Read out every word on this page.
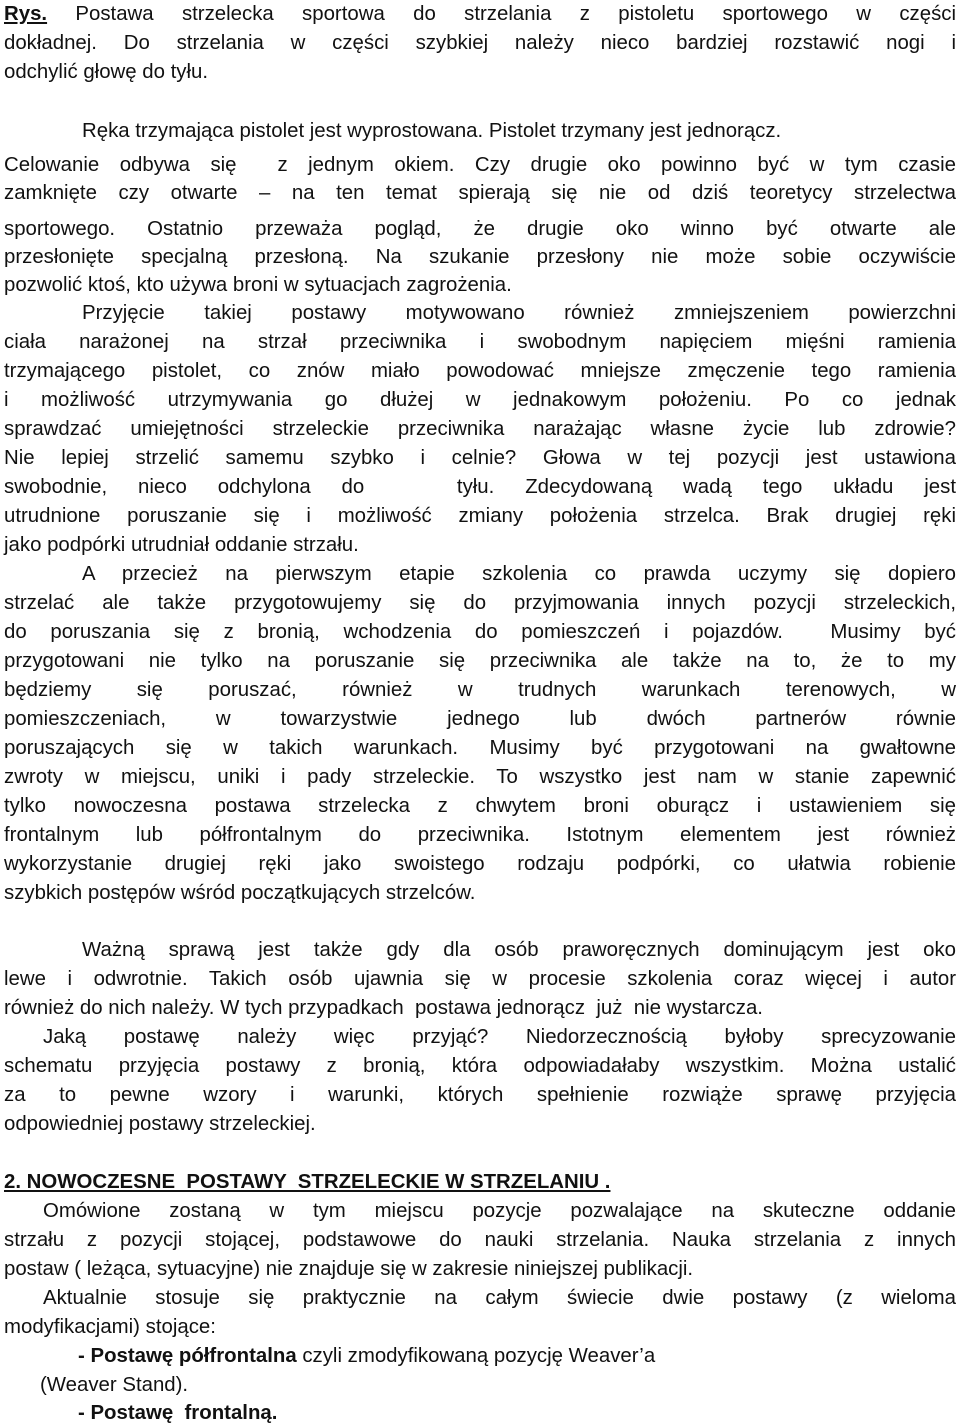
Rys. Postawa strzelecka sportowa do strzelania z pistoletu sportowego w części
dokładnej. Do strzelania w części szybkiej należy nieco bardziej rozstawić nogi i
odchylić głowę do tyłu.
Ręka trzymająca pistolet jest wyprostowana. Pistolet trzymany jest jednorącz.
Celowanie odbywa się  z jednym okiem. Czy drugie oko powinno być w tym czasie
zamknięte czy otwarte – na ten temat spierają się nie od dziś teoretycy strzelectwa
sportowego. Ostatnio przeważa pogląd, że drugie oko winno być otwarte ale
przesłonięte specjalną przesłoną. Na szukanie przesłony nie może sobie oczywiście
pozwolić ktoś, kto używa broni w sytuacjach zagrożenia.
Przyjęcie takiej postawy motywowano również zmniejszeniem powierzchni
ciała narażonej na strzał przeciwnika i swobodnym napięciem mięśni ramienia
trzymającego pistolet, co znów miało powodować mniejsze zmęczenie tego ramienia
i możliwość utrzymywania go dłużej w jednakowym położeniu. Po co jednak
sprawdzać umiejętności strzeleckie przeciwnika narażając własne życie lub zdrowie?
Nie lepiej strzelić samemu szybko i celnie? Głowa w tej pozycji jest ustawiona
swobodnie, nieco odchylona do   tyłu. Zdecydowaną wadą tego układu jest
utrudnione poruszanie się i możliwość zmiany położenia strzelca. Brak drugiej ręki
jako podpórki utrudniał oddanie strzału.
A przecież na pierwszym etapie szkolenia co prawda uczymy się dopiero
strzelać ale także przygotowujemy się do przyjmowania innych pozycji strzeleckich,
do poruszania się z bronią, wchodzenia do pomieszczeń i pojazdów.  Musimy być
przygotowani nie tylko na poruszanie się przeciwnika ale także na to, że to my
będziemy się poruszać, również w trudnych warunkach terenowych, w
pomieszczeniach, w towarzystwie jednego lub dwóch partnerów równie
poruszających się w takich warunkach. Musimy być przygotowani na gwałtowne
zwroty w miejscu, uniki i pady strzeleckie. To wszystko jest nam w stanie zapewnić
tylko nowoczesna postawa strzelecka z chwytem broni oburącz i ustawieniem się
frontalnym lub półfrontalnym do przeciwnika. Istotnym elementem jest również
wykorzystanie drugiej ręki jako swoistego rodzaju podpórki, co ułatwia robienie
szybkich postępów wśród początkujących strzelców.
Ważną sprawą jest także gdy dla osób praworęcznych dominującym jest oko
lewe i odwrotnie. Takich osób ujawnia się w procesie szkolenia coraz więcej i autor
również do nich należy. W tych przypadkach  postawa jednorącz  już  nie wystarcza.
Jaką postawę należy więc przyjąć? Niedorzecznością byłoby sprecyzowanie
schematu przyjęcia postawy z bronią, która odpowiadałaby wszystkim. Można ustalić
za to pewne wzory i warunki, których spełnienie rozwiąże sprawę przyjęcia
odpowiedniej postawy strzeleckiej.
2. NOWOCZESNE  POSTAWY  STRZELECKIE W STRZELANIU .
Omówione zostaną w tym miejscu pozycje pozwalające na skuteczne oddanie
strzału z pozycji stojącej, podstawowe do nauki strzelania. Nauka strzelania z innych
postaw ( leżąca, sytuacyjne) nie znajduje się w zakresie niniejszej publikacji.
Aktualnie stosuje się praktycznie na całym świecie dwie postawy (z wieloma
modyfikacjami) stojące:
- Postawę półfrontalna czyli zmodyfikowaną pozycję Weaver’a
(Weaver Stand).
- Postawę  frontalną.
